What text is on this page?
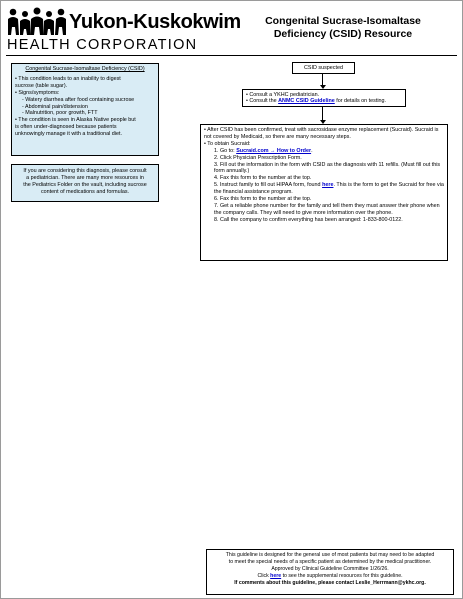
Yukon-Kuskokwim
HEALTH CORPORATION
Congenital Sucrase-Isomaltase
Deficiency (CSID) Resource
Congenital Sucrase-Isomaltase Deficiency (CSID)
• This condition leads to an inability to digest
sucrose (table sugar).
• Signs/symptoms:
- Watery diarrhea after food containing sucrose
- Abdominal pain/distension
- Malnutrition, poor growth, FTT
• The condition is seen in Alaska Native people but
is often under-diagnosed because patients
unknowingly manage it with a traditional diet.
If you are considering this diagnosis, please consult
a pediatrician. There are many more resources in
the Pediatrics Folder on the vault, including sucrose
content of medications and formulas.
CSID suspected
• Consult a YKHC pediatrician.
• Consult the ANMC CSID Guideline for details on testing.
• After CSID has been confirmed, treat with sacrosidase enzyme replacement (Sucraid). Sucraid is not covered by Medicaid, so there are many necessary steps.
• To obtain Sucraid:
1. Go to: Sucraid.com → How to Order.
2. Click Physician Prescription Form.
3. Fill out the information in the form with CSID as the diagnosis with 11 refills. (Must fill out this form annually.)
4. Fax this form to the number at the top.
5. Instruct family to fill out HIPAA form, found here. This is the form to get the Sucraid for free via the financial assistance program.
6. Fax this form to the number at the top.
7. Get a reliable phone number for the family and tell them they must answer their phone when the company calls. They will need to give more information over the phone.
8. Call the company to confirm everything has been arranged: 1-833-800-0122.
This guideline is designed for the general use of most patients but may need to be adapted
to meet the special needs of a specific patient as determined by the medical practitioner.
Approved by Clinical Guideline Committee 1/26/26.
Click here to see the supplemental resources for this guideline.
If comments about this guideline, please contact Leslie_Herrmann@ykhc.org.
